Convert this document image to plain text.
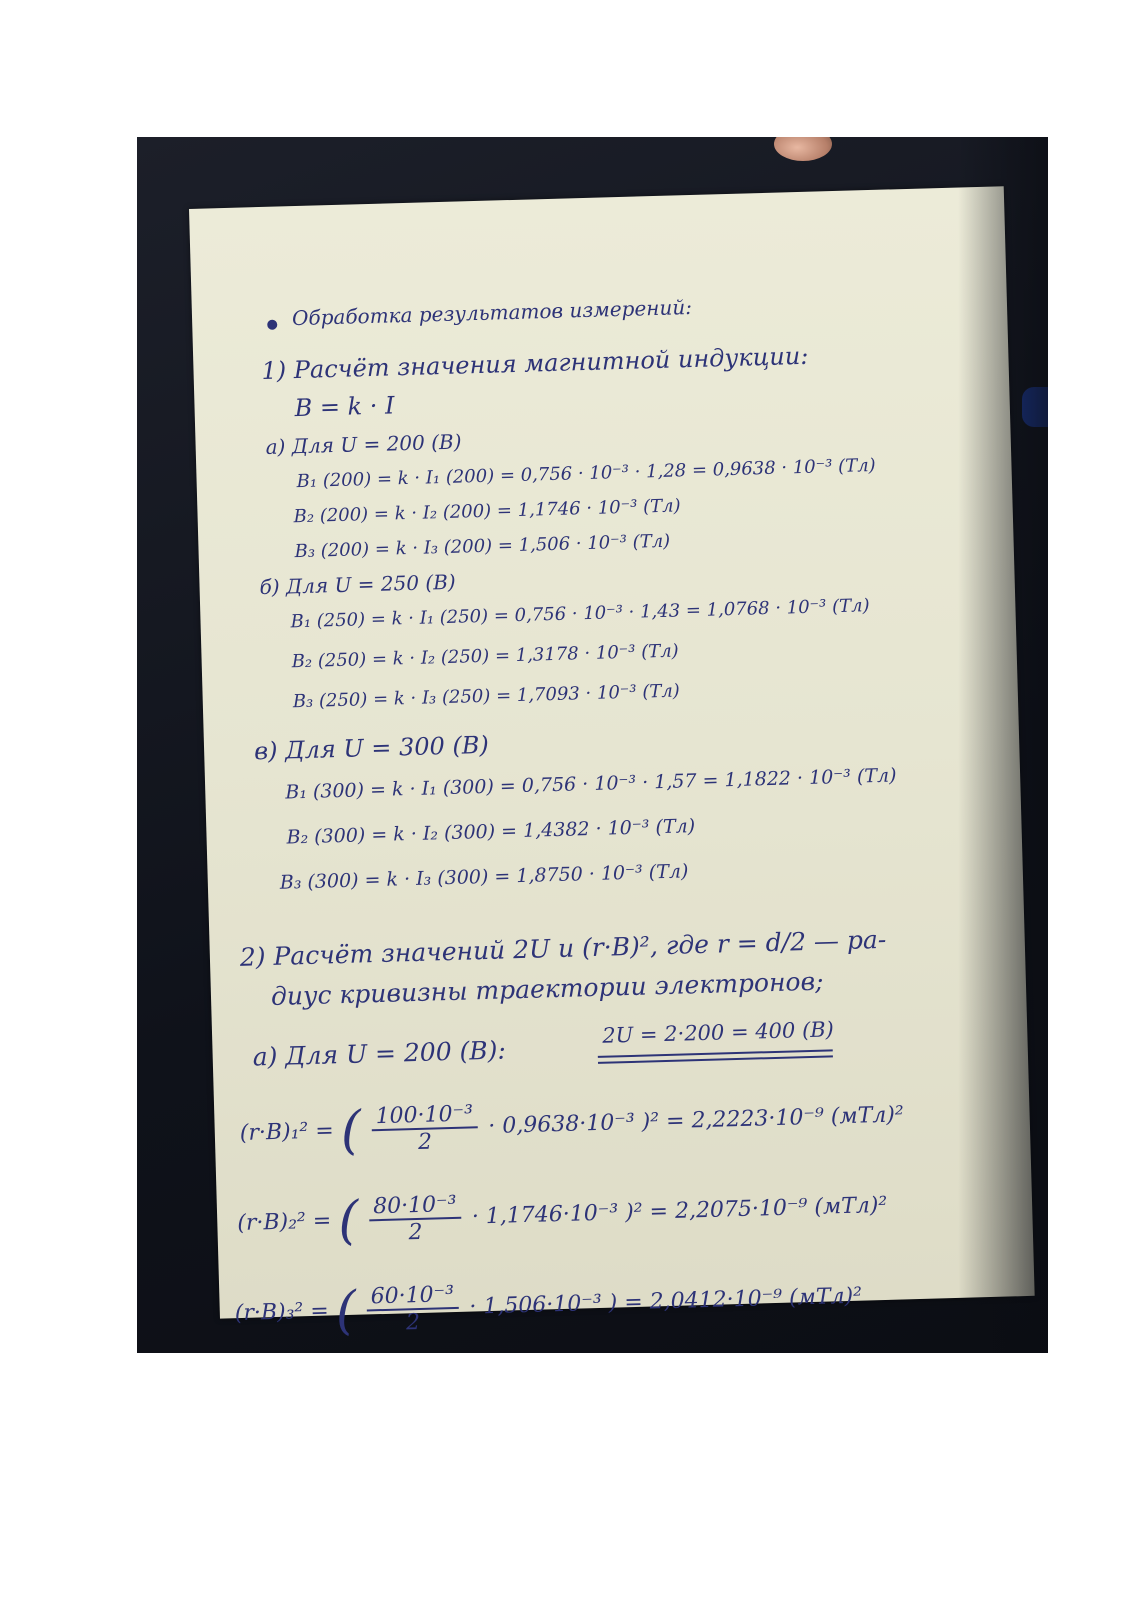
Обработка результатов измерений:
1) Расчёт значения магнитной индукции:
B = k · I
а) Для U = 200 (В)
B₁ (200) = k · I₁ (200) = 0,756 · 10⁻³ · 1,28 = 0,9638 · 10⁻³ (Тл)
B₂ (200) = k · I₂ (200) = 1,1746 · 10⁻³ (Тл)
B₃ (200) = k · I₃ (200) = 1,506 · 10⁻³ (Тл)
б) Для U = 250 (В)
B₁ (250) = k · I₁ (250) = 0,756 · 10⁻³ · 1,43 = 1,0768 · 10⁻³ (Тл)
B₂ (250) = k · I₂ (250) = 1,3178 · 10⁻³ (Тл)
B₃ (250) = k · I₃ (250) = 1,7093 · 10⁻³ (Тл)
в) Для U = 300 (В)
B₁ (300) = k · I₁ (300) = 0,756 · 10⁻³ · 1,57 = 1,1822 · 10⁻³ (Тл)
B₂ (300) = k · I₂ (300) = 1,4382 · 10⁻³ (Тл)
B₃ (300) = k · I₃ (300) = 1,8750 · 10⁻³ (Тл)
2) Расчёт значений 2U и (r·B)², где r = d/2 — ра-
диус кривизны траектории электронов;
а) Для U = 200 (В):
2U = 2·200 = 400 (В)
(r·B)₁² = ( $\frac{\text{100·10⁻³}}{2} \cdot 0,9638\cdot 10^{-3}$ )² = 2,2223·10⁻⁹ (мТл)²
(r·B)₂² = ( $\frac{\text{80·10⁻³}}{2} \cdot 1,1746\cdot 10^{-3}$ )² = 2,2075·10⁻⁹ (мТл)²
(r·B)₃² = ( $\frac{\text{60·10⁻³}}{2} \cdot 1,506\cdot 10^{-3}$ ) = 2,0412·10⁻⁹ (мТл)²
